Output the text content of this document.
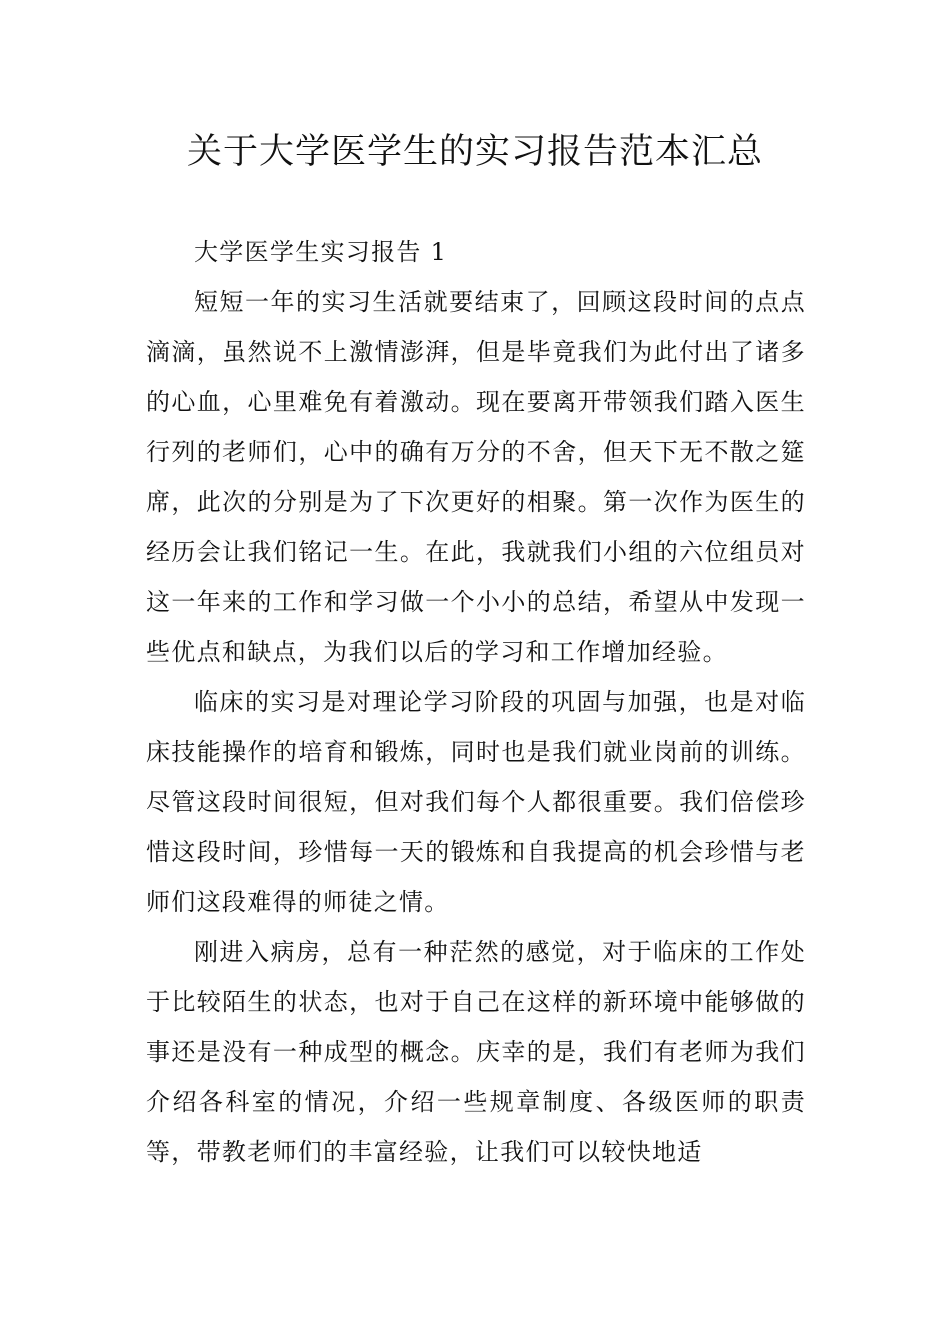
关于大学医学生的实习报告范本汇总

大学医学生实习报告 1

短短一年的实习生活就要结束了，回顾这段时间的点点滴滴，虽然说不上激情澎湃，但是毕竟我们为此付出了诸多的心血，心里难免有着激动。现在要离开带领我们踏入医生行列的老师们，心中的确有万分的不舍，但天下无不散之筵席，此次的分别是为了下次更好的相聚。第一次作为医生的经历会让我们铭记一生。在此，我就我们小组的六位组员对这一年来的工作和学习做一个小小的总结，希望从中发现一些优点和缺点，为我们以后的学习和工作增加经验。

临床的实习是对理论学习阶段的巩固与加强，也是对临床技能操作的培育和锻炼，同时也是我们就业岗前的训练。尽管这段时间很短，但对我们每个人都很重要。我们倍偿珍惜这段时间，珍惜每一天的锻炼和自我提高的机会珍惜与老师们这段难得的师徒之情。

刚进入病房，总有一种茫然的感觉，对于临床的工作处于比较陌生的状态，也对于自己在这样的新环境中能够做的事还是没有一种成型的概念。庆幸的是，我们有老师为我们介绍各科室的情况，介绍一些规章制度、各级医师的职责等，带教老师们的丰富经验，让我们可以较快地适
